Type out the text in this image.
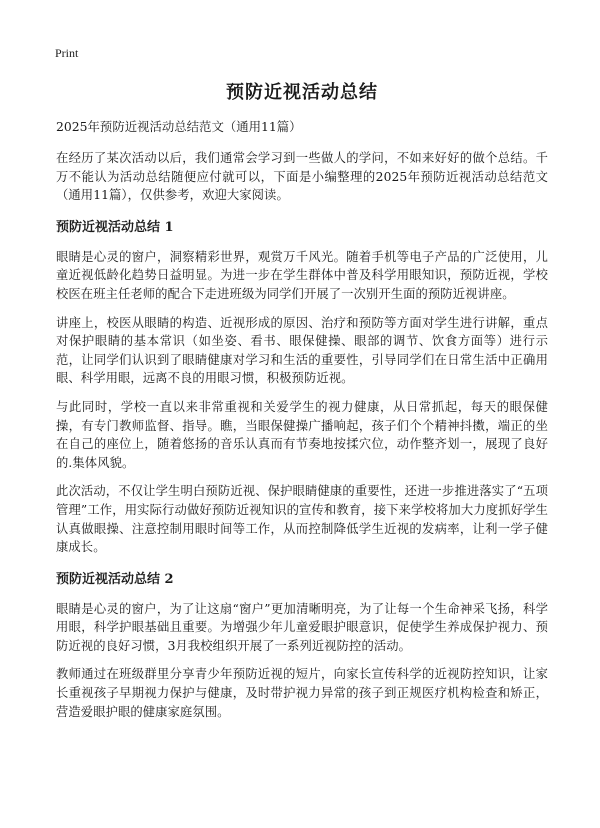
Print
预防近视活动总结
2025年预防近视活动总结范文（通用11篇）

在经历了某次活动以后，我们通常会学习到一些做人的学问，不如来好好的做个总结。千万不能认为活动总结随便应付就可以，下面是小编整理的2025年预防近视活动总结范文（通用11篇），仅供参考，欢迎大家阅读。

预防近视活动总结 1

眼睛是心灵的窗户，洞察精彩世界，观赏万千风光。随着手机等电子产品的广泛使用，儿童近视低龄化趋势日益明显。为进一步在学生群体中普及科学用眼知识，预防近视，学校校医在班主任老师的配合下走进班级为同学们开展了一次别开生面的预防近视讲座。

讲座上，校医从眼睛的构造、近视形成的原因、治疗和预防等方面对学生进行讲解，重点对保护眼睛的基本常识（如坐姿、看书、眼保健操、眼部的调节、饮食方面等）进行示范，让同学们认识到了眼睛健康对学习和生活的重要性，引导同学们在日常生活中正确用眼、科学用眼，远离不良的用眼习惯，积极预防近视。

与此同时，学校一直以来非常重视和关爱学生的视力健康，从日常抓起，每天的眼保健操，有专门教师监督、指导。瞧，当眼保健操广播响起，孩子们个个精神抖擞，端正的坐在自己的座位上，随着悠扬的音乐认真而有节奏地按揉穴位，动作整齐划一，展现了良好的.集体风貌。

此次活动，不仅让学生明白预防近视、保护眼睛健康的重要性，还进一步推进落实了“五项管理”工作，用实际行动做好预防近视知识的宣传和教育，接下来学校将加大力度抓好学生认真做眼操、注意控制用眼时间等工作，从而控制降低学生近视的发病率，让利一学子健康成长。

预防近视活动总结 2

眼睛是心灵的窗户，为了让这扇“窗户”更加清晰明亮，为了让每一个生命神采飞扬，科学用眼，科学护眼基础且重要。为增强少年儿童爱眼护眼意识，促使学生养成保护视力、预防近视的良好习惯，3月我校组织开展了一系列近视防控的活动。

教师通过在班级群里分享青少年预防近视的短片，向家长宣传科学的近视防控知识，让家长重视孩子早期视力保护与健康，及时带护视力异常的孩子到正规医疗机构检查和矫正，营造爱眼护眼的健康家庭氛围。
